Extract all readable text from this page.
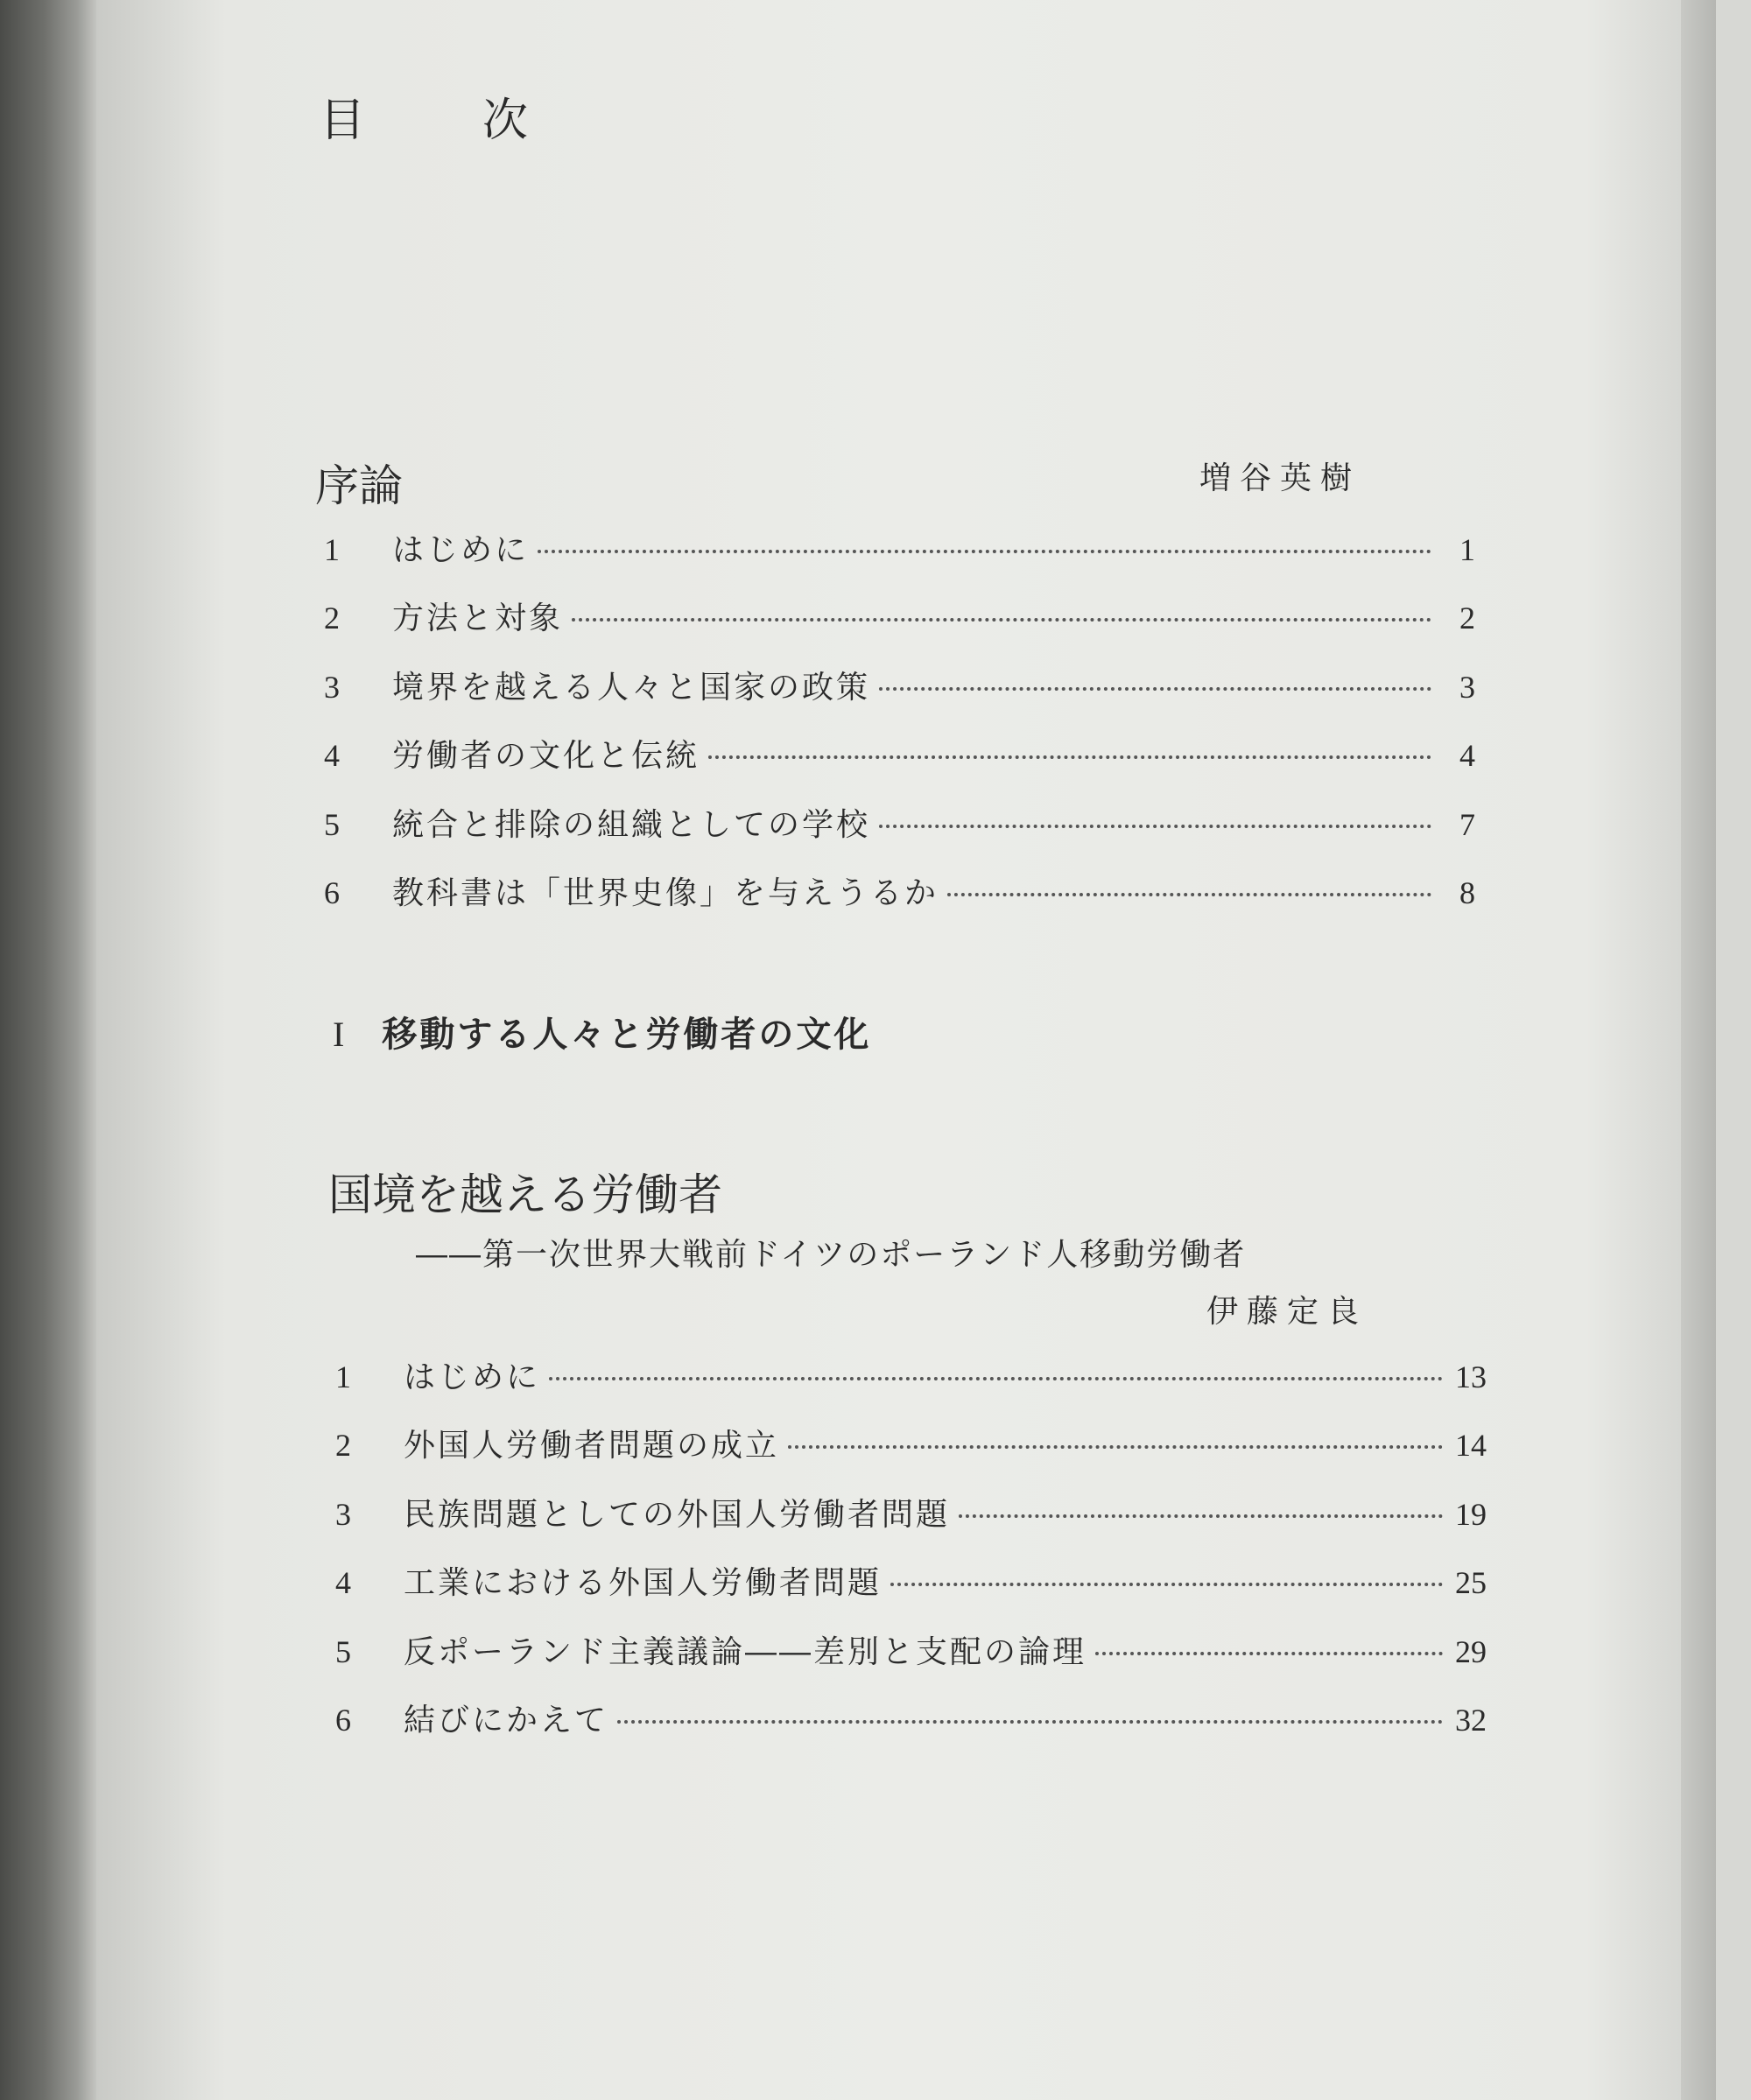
目	次
序論	増谷英樹
1	はじめに	1
2	方法と対象	2
3	境界を越える人々と国家の政策	3
4	労働者の文化と伝統	4
5	統合と排除の組織としての学校	7
6	教科書は「世界史像」を与えうるか	8
I 移動する人々と労働者の文化
国境を越える労働者
――第一次世界大戦前ドイツのポーランド人移動労働者
伊藤定良
1	はじめに	13
2	外国人労働者問題の成立	14
3	民族問題としての外国人労働者問題	19
4	工業における外国人労働者問題	25
5	反ポーランド主義議論――差別と支配の論理	29
6	結びにかえて	32
